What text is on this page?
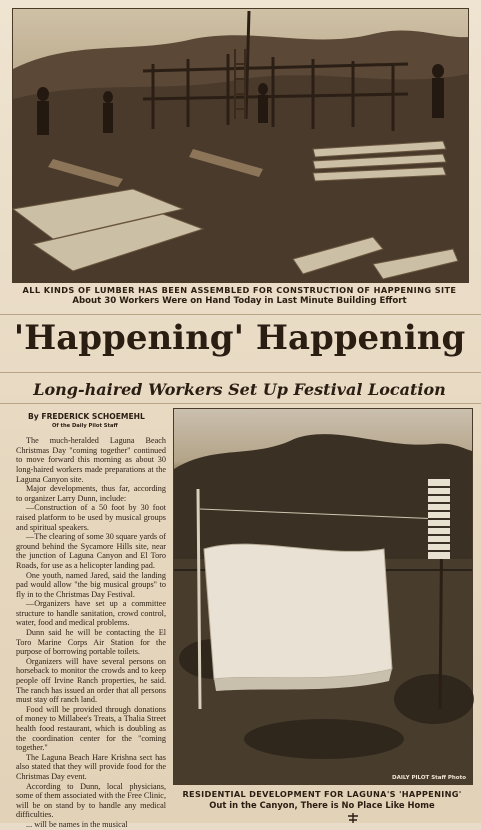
ALL KINDS OF LUMBER HAS BEEN ASSEMBLED FOR CONSTRUCTION OF HAPPENING SITE
About 30 Workers Were on Hand Today in Last Minute Building Effort
'Happening' Happening
Long-haired Workers Set Up Festival Location
By FREDERICK SCHOEMEHL
Of the Daily Pilot Staff

The much-heralded Laguna Beach Christmas Day "coming together" continued to move forward this morning as about 30 long-haired workers made preparations at the Laguna Canyon site.

Major developments, thus far, according to organizer Larry Dunn, include:

—Construction of a 50 foot by 30 foot raised platform to be used by musical groups and spiritual speakers.

—The clearing of some 30 square yards of ground behind the Sycamore Hills site, near the junction of Laguna Canyon and El Toro Roads, for use as a helicopter landing pad.

One youth, named Jared, said the landing pad would allow "the big musical groups" to fly in to the Christmas Day Festival.

—Organizers have set up a committee structure to handle sanitation, crowd control, water, food and medical problems.

Dunn said he will be contacting the El Toro Marine Corps Air Station for the purpose of borrowing portable toilets.

Organizers will have several persons on horseback to monitor the crowds and to keep people off Irvine Ranch properties, he said. The ranch has issued an order that all persons must stay off ranch land.

Food will be provided through donations of money to Millabee's Treats, a Thalia Street health food restaurant, which is doubling as the coordination center for the "coming together."

The Laguna Beach Hare Krishna sect has also stated that they will provide food for the Christmas Day event.

According to Dunn, local physicians, some of them associated with the Free Clinic, will be on stand by to handle any medical difficulties.

... will be names in the musical

DAILY PILOT Staff Photo
RESIDENTIAL DEVELOPMENT FOR LAGUNA'S 'HAPPENING'
Out in the Canyon, There is No Place Like Home
